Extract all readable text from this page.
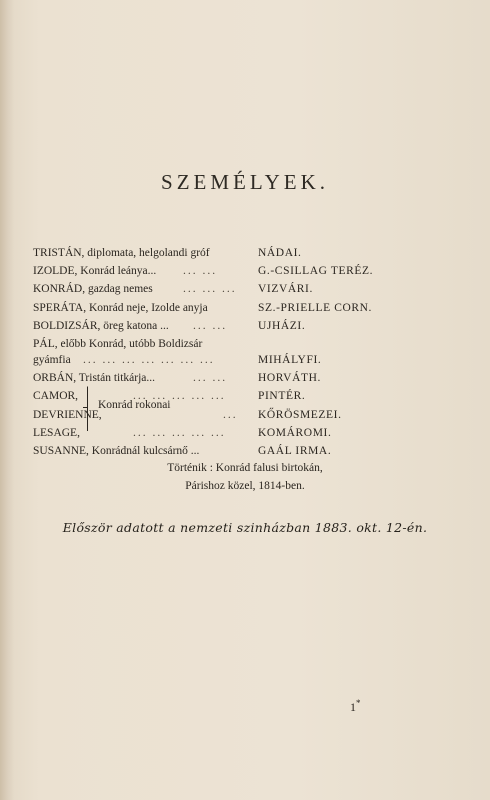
SZEMÉLYEK.
TRISTÁN, diplomata, helgolandi gróf	NÁDAI.
IZOLDE, Konrád leánya... ... ...	G.-CSILLAG TERÉZ.
KONRÁD, gazdag nemes	... ... ... VIZVÁRI.
SPERÁTA, Konrád neje, Izolde anyja	SZ.-PRIELLE CORN.
BOLDIZSÁR, öreg katona ... ... ...	UJHÁZI.
PÁL, előbb Konrád, utóbb Boldizsár
gyámfia ... ... ... ... ... ... ...	MIHÁLYFI.
ORBÁN, Tristán titkárja...	... ...	HORVÁTH.
CAMOR,	... ... ... ... ...	PINTÉR.
DEVRIENNE,	... KŐRÖSMEZEI.
LESAGE,	... ... ... ... ...	KOMÁROMI.
SUSANNE, Konrádnál kulcsárnő ...	GAÁL IRMA.
Konrád rokonai
Történik : Konrád falusi birtokán,
Párishoz közel, 1814-ben.
Először adatott a nemzeti szinházban 1883. okt. 12-én.
1*
